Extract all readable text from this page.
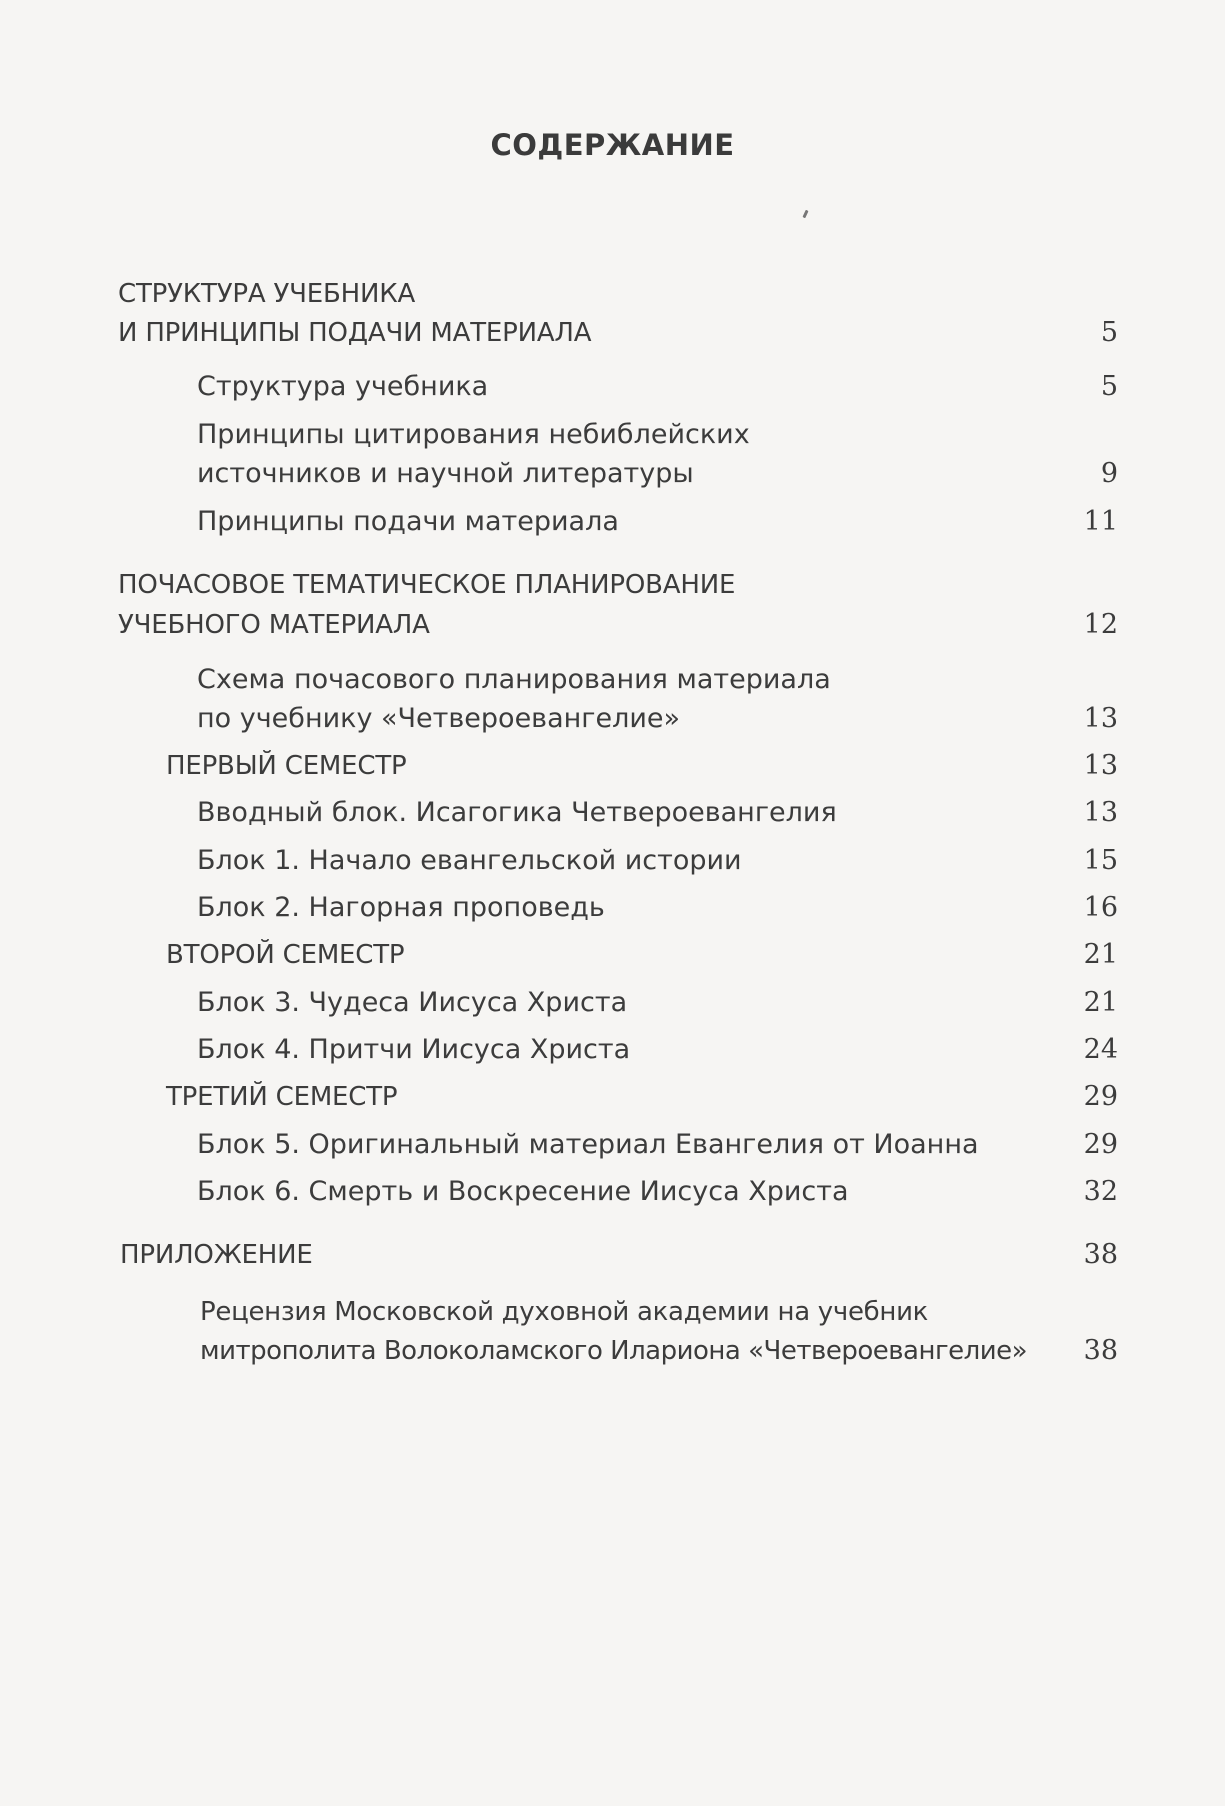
СОДЕРЖАНИЕ
СТРУКТУРА УЧЕБНИКА
И ПРИНЦИПЫ ПОДАЧИ МАТЕРИАЛА	5
Структура учебника	5
Принципы цитирования небиблейских
источников и научной литературы	9
Принципы подачи материала	11
ПОЧАСОВОЕ ТЕМАТИЧЕСКОЕ ПЛАНИРОВАНИЕ
УЧЕБНОГО МАТЕРИАЛА	12
Схема почасового планирования материала
по учебнику «Четвероевангелие»	13
ПЕРВЫЙ СЕМЕСТР	13
Вводный блок. Исагогика Четвероевангелия	13
Блок 1. Начало евангельской истории	15
Блок 2. Нагорная проповедь	16
ВТОРОЙ СЕМЕСТР	21
Блок 3. Чудеса Иисуса Христа	21
Блок 4. Притчи Иисуса Христа	24
ТРЕТИЙ СЕМЕСТР	29
Блок 5. Оригинальный материал Евангелия от Иоанна	29
Блок 6. Смерть и Воскресение Иисуса Христа	32
ПРИЛОЖЕНИЕ	38
Рецензия Московской духовной академии на учебник
митрополита Волоколамского Илариона «Четвероевангелие» 38
